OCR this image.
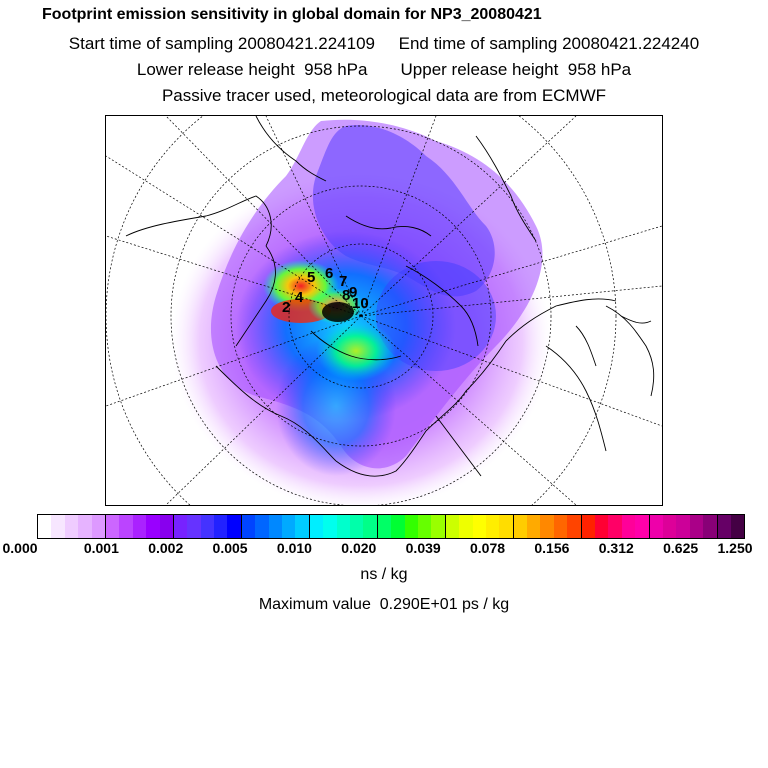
Footprint emission sensitivity in global domain for NP3_20080421
Start time of sampling 20080421.224109     End time of sampling 20080421.224240
Lower release height  958 hPa       Upper release height  958 hPa
Passive tracer used, meteorological data are from ECMWF
2
4
5 6 7
8
9
10
0.000	0.001 0.002 0.005 0.010 0.020 0.039 0.078 0.156 0.312 0.625 1.250
ns / kg
Maximum value  0.290E+01 ps / kg
